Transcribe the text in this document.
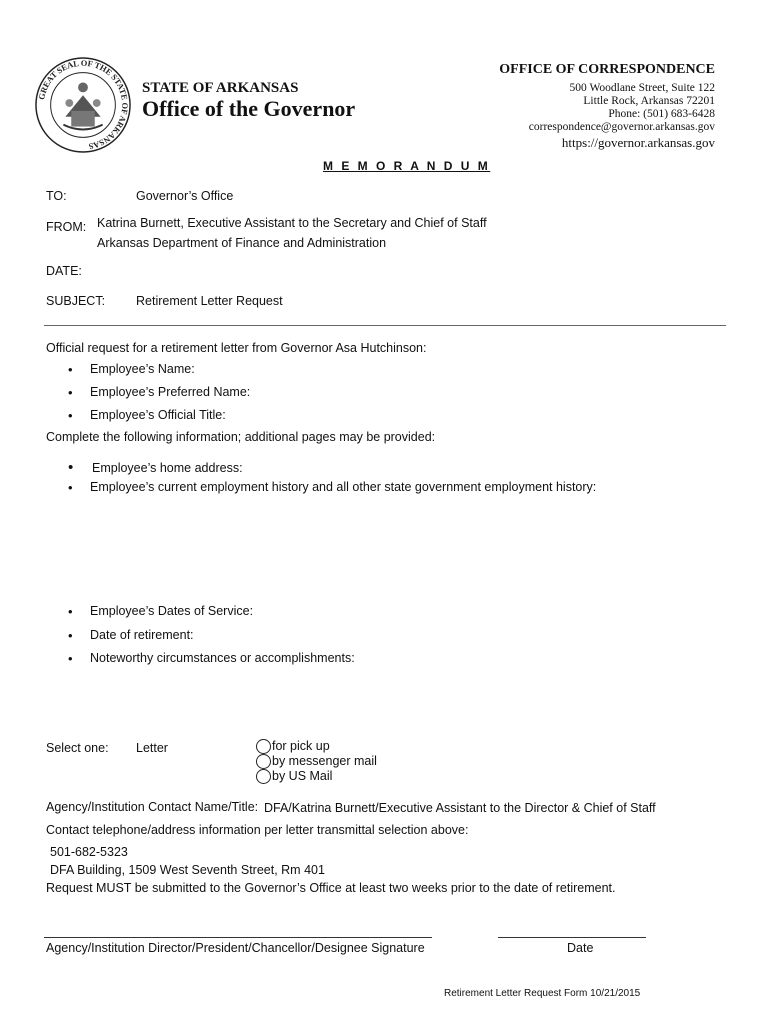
GREAT SEAL OF THE STATE OF ARKANSAS
STATE OF ARKANSAS
Office of the Governor
OFFICE OF CORRESPONDENCE
500 Woodlane Street, Suite 122
Little Rock, Arkansas 72201
Phone: (501) 683-6428
correspondence@governor.arkansas.gov
https://governor.arkansas.gov
M E M O R A N D U M
TO:	Governor’s Office
FROM: Katrina Burnett, Executive Assistant to the Secretary and Chief of Staff
Arkansas Department of Finance and Administration
DATE:
SUBJECT: Retirement Letter Request
Official request for a retirement letter from Governor Asa Hutchinson:
• Employee’s Name:
• Employee’s Preferred Name:
• Employee’s Official Title:
Complete the following information; additional pages may be provided:
• Employee’s home address:
• Employee’s current employment history and all other state government employment history:
• Employee’s Dates of Service:
• Date of retirement:
• Noteworthy circumstances or accomplishments:
Select one: Letter	for pick up
by messenger mail
by US Mail
Agency/Institution Contact Name/Title: DFA/Katrina Burnett/Executive Assistant to the Director & Chief of Staff
Contact telephone/address information per letter transmittal selection above:
501-682-5323
DFA Building, 1509 West Seventh Street, Rm 401
Request MUST be submitted to the Governor’s Office at least two weeks prior to the date of retirement.
Agency/Institution Director/President/Chancellor/Designee Signature	Date
Retirement Letter Request Form 10/21/2015
